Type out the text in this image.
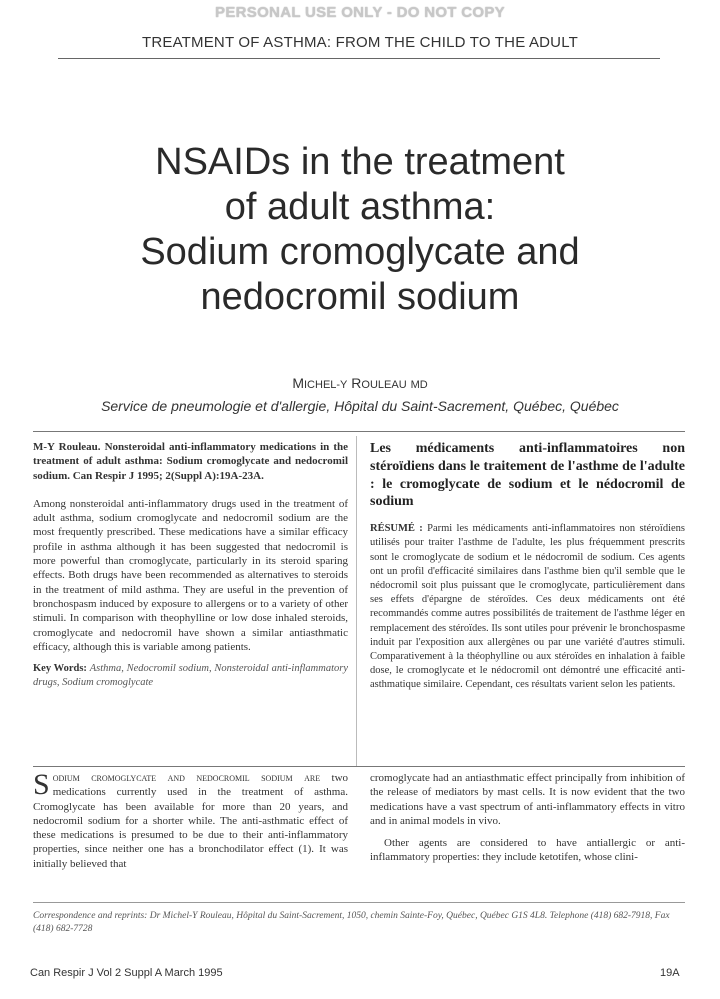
PERSONAL USE ONLY - DO NOT COPY
TREATMENT OF ASTHMA: FROM THE CHILD TO THE ADULT
NSAIDs in the treatment
of adult asthma:
Sodium cromoglycate and
nedocromil sodium
MICHEL-Y ROULEAU MD
Service de pneumologie et d'allergie, Hôpital du Saint-Sacrement, Québec, Québec

M-Y Rouleau. Nonsteroidal anti-inflammatory medications in the treatment of adult asthma: Sodium cromoglycate and nedocromil sodium. Can Respir J 1995; 2(Suppl A):19A-23A.

Among nonsteroidal anti-inflammatory drugs used in the treatment of adult asthma, sodium cromoglycate and nedocromil sodium are the most frequently prescribed. These medications have a similar efficacy profile in asthma although it has been suggested that nedocromil is more powerful than cromoglycate, particularly in its steroid sparing effects. Both drugs have been recommended as alternatives to steroids in the treatment of mild asthma. They are useful in the prevention of bronchospasm induced by exposure to allergens or to a variety of other stimuli. In comparison with theophylline or low dose inhaled steroids, cromoglycate and nedocromil have shown a similar antiasthmatic efficacy, although this is variable among patients.

Key Words: Asthma, Nedocromil sodium, Nonsteroidal anti-inflammatory drugs, Sodium cromoglycate

Les médicaments anti-inflammatoires non stéroïdiens dans le traitement de l'asthme de l'adulte : le cromoglycate de sodium et le nédocromil de sodium

RÉSUMÉ : Parmi les médicaments anti-inflammatoires non stéroïdiens utilisés pour traiter l'asthme de l'adulte, les plus fréquemment prescrits sont le cromoglycate de sodium et le nédocromil de sodium. Ces agents ont un profil d'efficacité similaires dans l'asthme bien qu'il semble que le nédocromil soit plus puissant que le cromoglycate, particulièrement dans ses effets d'épargne de stéroïdes. Ces deux médicaments ont été recommandés comme autres possibilités de traitement de l'asthme léger en remplacement des stéroïdes. Ils sont utiles pour prévenir le bronchospasme induit par l'exposition aux allergènes ou par une variété d'autres stimuli. Comparativement à la théophylline ou aux stéroïdes en inhalation à faible dose, le cromoglycate et le nédocromil ont démontré une efficacité anti-asthmatique similaire. Cependant, ces résultats varient selon les patients.

Sodium cromoglycate and nedocromil sodium are two medications currently used in the treatment of asthma. Cromoglycate has been available for more than 20 years, and nedocromil sodium for a shorter while. The anti-asthmatic effect of these medications is presumed to be due to their anti-inflammatory properties, since neither one has a bronchodilator effect (1). It was initially believed that

cromoglycate had an antiasthmatic effect principally from inhibition of the release of mediators by mast cells. It is now evident that the two medications have a vast spectrum of anti-inflammatory effects in vitro and in animal models in vivo.

Other agents are considered to have antiallergic or anti-inflammatory properties: they include ketotifen, whose clini-

Correspondence and reprints: Dr Michel-Y Rouleau, Hôpital du Saint-Sacrement, 1050, chemin Sainte-Foy, Québec, Québec G1S 4L8. Telephone (418) 682-7918, Fax (418) 682-7728
Can Respir J Vol 2 Suppl A March 1995	19A
